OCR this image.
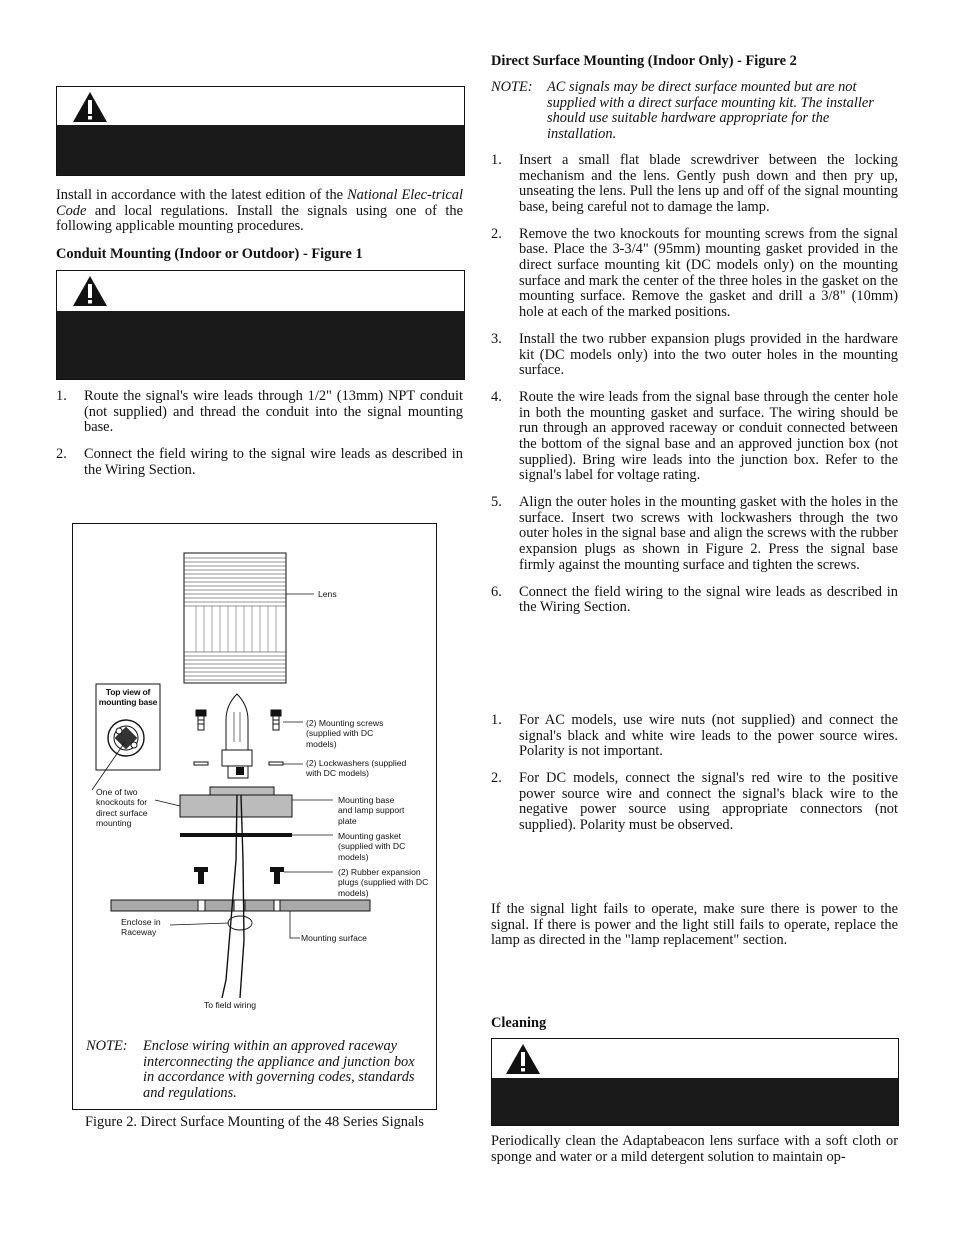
Install in accordance with the latest edition of the National Elec-trical Code and local regulations. Install the signals using one of the following applicable mounting procedures.

Conduit Mounting (Indoor or Outdoor) - Figure 1

1. Route the signal's wire leads through 1/2" (13mm) NPT conduit (not supplied) and thread the conduit into the signal mounting base.
2. Connect the field wiring to the signal wire leads as described in the Wiring Section.
Lens
Top view of mounting base
(2) Mounting screws (supplied with DC models)
(2) Lockwashers (supplied with DC models)
One of two knockouts for direct surface mounting
Mounting base and lamp support plate
Mounting gasket (supplied with DC models)
(2) Rubber expansion plugs (supplied with DC models)
Enclose in Raceway
Mounting surface
To field wiring
NOTE: Enclose wiring within an approved raceway interconnecting the appliance and junction box in accordance with governing codes, standards and regulations.

Figure 2. Direct Surface Mounting of the 48 Series Signals

Direct Surface Mounting (Indoor Only) - Figure 2

NOTE: AC signals may be direct surface mounted but are not supplied with a direct surface mounting kit. The installer should use suitable hardware appropriate for the installation.
1. Insert a small flat blade screwdriver between the locking mechanism and the lens. Gently push down and then pry up, unseating the lens. Pull the lens up and off of the signal mounting base, being careful not to damage the lamp.
2. Remove the two knockouts for mounting screws from the signal base. Place the 3-3/4" (95mm) mounting gasket provided in the direct surface mounting kit (DC models only) on the mounting surface and mark the center of the three holes in the gasket on the mounting surface. Remove the gasket and drill a 3/8" (10mm) hole at each of the marked positions.
3. Install the two rubber expansion plugs provided in the hardware kit (DC models only) into the two outer holes in the mounting surface.
4. Route the wire leads from the signal base through the center hole in both the mounting gasket and surface. The wiring should be run through an approved raceway or conduit connected between the bottom of the signal base and an approved junction box (not supplied). Bring wire leads into the junction box. Refer to the signal's label for voltage rating.
5. Align the outer holes in the mounting gasket with the holes in the surface. Insert two screws with lockwashers through the two outer holes in the signal base and align the screws with the rubber expansion plugs as shown in Figure 2. Press the signal base firmly against the mounting surface and tighten the screws.
6. Connect the field wiring to the signal wire leads as described in the Wiring Section.
1. For AC models, use wire nuts (not supplied) and connect the signal's black and white wire leads to the power source wires. Polarity is not important.
2. For DC models, connect the signal's red wire to the positive power source wire and connect the signal's black wire to the negative power source using appropriate connectors (not supplied). Polarity must be observed.

If the signal light fails to operate, make sure there is power to the signal. If there is power and the light still fails to operate, replace the lamp as directed in the "lamp replacement" section.

Cleaning

Periodically clean the Adaptabeacon lens surface with a soft cloth or sponge and water or a mild detergent solution to maintain op-
